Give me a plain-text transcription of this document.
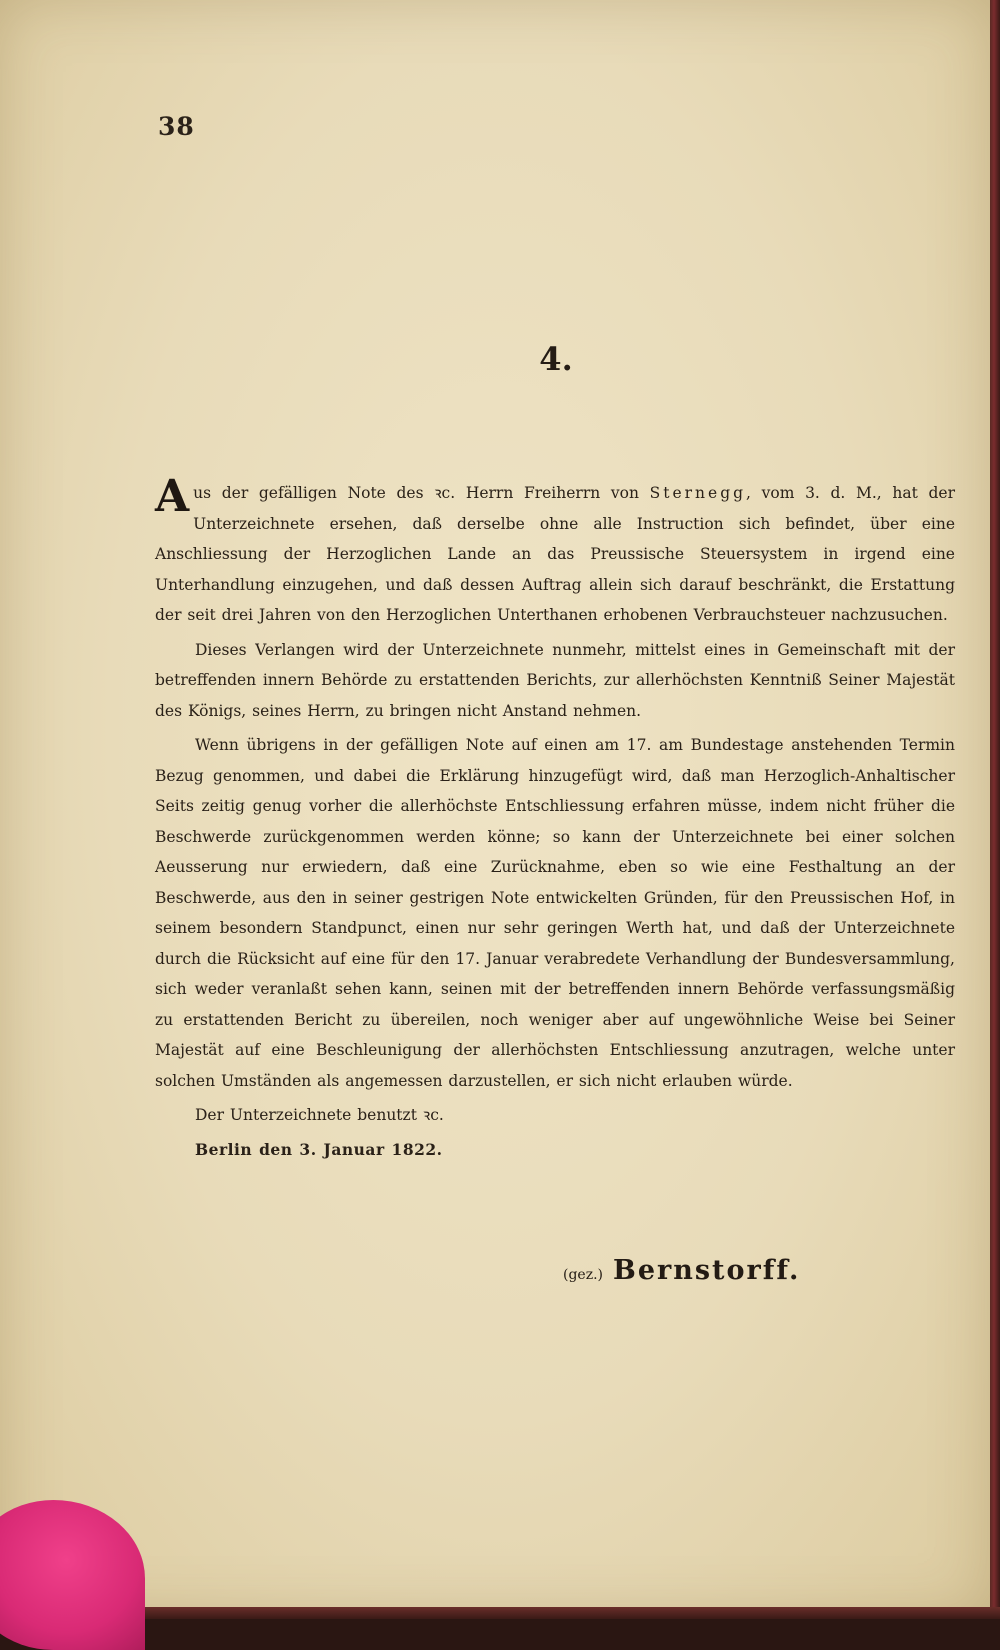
38
4.

Aus der gefälligen Note des ꝛc. Herrn Freiherrn von Sternegg, vom 3. d. M., hat der Unterzeichnete ersehen, daß derselbe ohne alle Instruction sich befindet, über eine Anschliessung der Herzoglichen Lande an das Preussische Steuersystem in irgend eine Unterhandlung einzugehen, und daß dessen Auftrag allein sich darauf beschränkt, die Erstattung der seit drei Jahren von den Herzoglichen Unterthanen erhobenen Verbrauchsteuer nachzusuchen.

Dieses Verlangen wird der Unterzeichnete nunmehr, mittelst eines in Gemeinschaft mit der betreffenden innern Behörde zu erstattenden Berichts, zur allerhöchsten Kenntniß Seiner Majestät des Königs, seines Herrn, zu bringen nicht Anstand nehmen.

Wenn übrigens in der gefälligen Note auf einen am 17. am Bundestage anstehenden Termin Bezug genommen, und dabei die Erklärung hinzugefügt wird, daß man Herzoglich-Anhaltischer Seits zeitig genug vorher die allerhöchste Entschliessung erfahren müsse, indem nicht früher die Beschwerde zurückgenommen werden könne; so kann der Unterzeichnete bei einer solchen Aeusserung nur erwiedern, daß eine Zurücknahme, eben so wie eine Festhaltung an der Beschwerde, aus den in seiner gestrigen Note entwickelten Gründen, für den Preussischen Hof, in seinem besondern Standpunct, einen nur sehr geringen Werth hat, und daß der Unterzeichnete durch die Rücksicht auf eine für den 17. Januar verabredete Verhandlung der Bundesversammlung, sich weder veranlaßt sehen kann, seinen mit der betreffenden innern Behörde verfassungsmäßig zu erstattenden Bericht zu übereilen, noch weniger aber auf ungewöhnliche Weise bei Seiner Majestät auf eine Beschleunigung der allerhöchsten Entschliessung anzutragen, welche unter solchen Umständen als angemessen darzustellen, er sich nicht erlauben würde.

Der Unterzeichnete benutzt ꝛc.

Berlin den 3. Januar 1822.

(gez.) Bernstorff.
